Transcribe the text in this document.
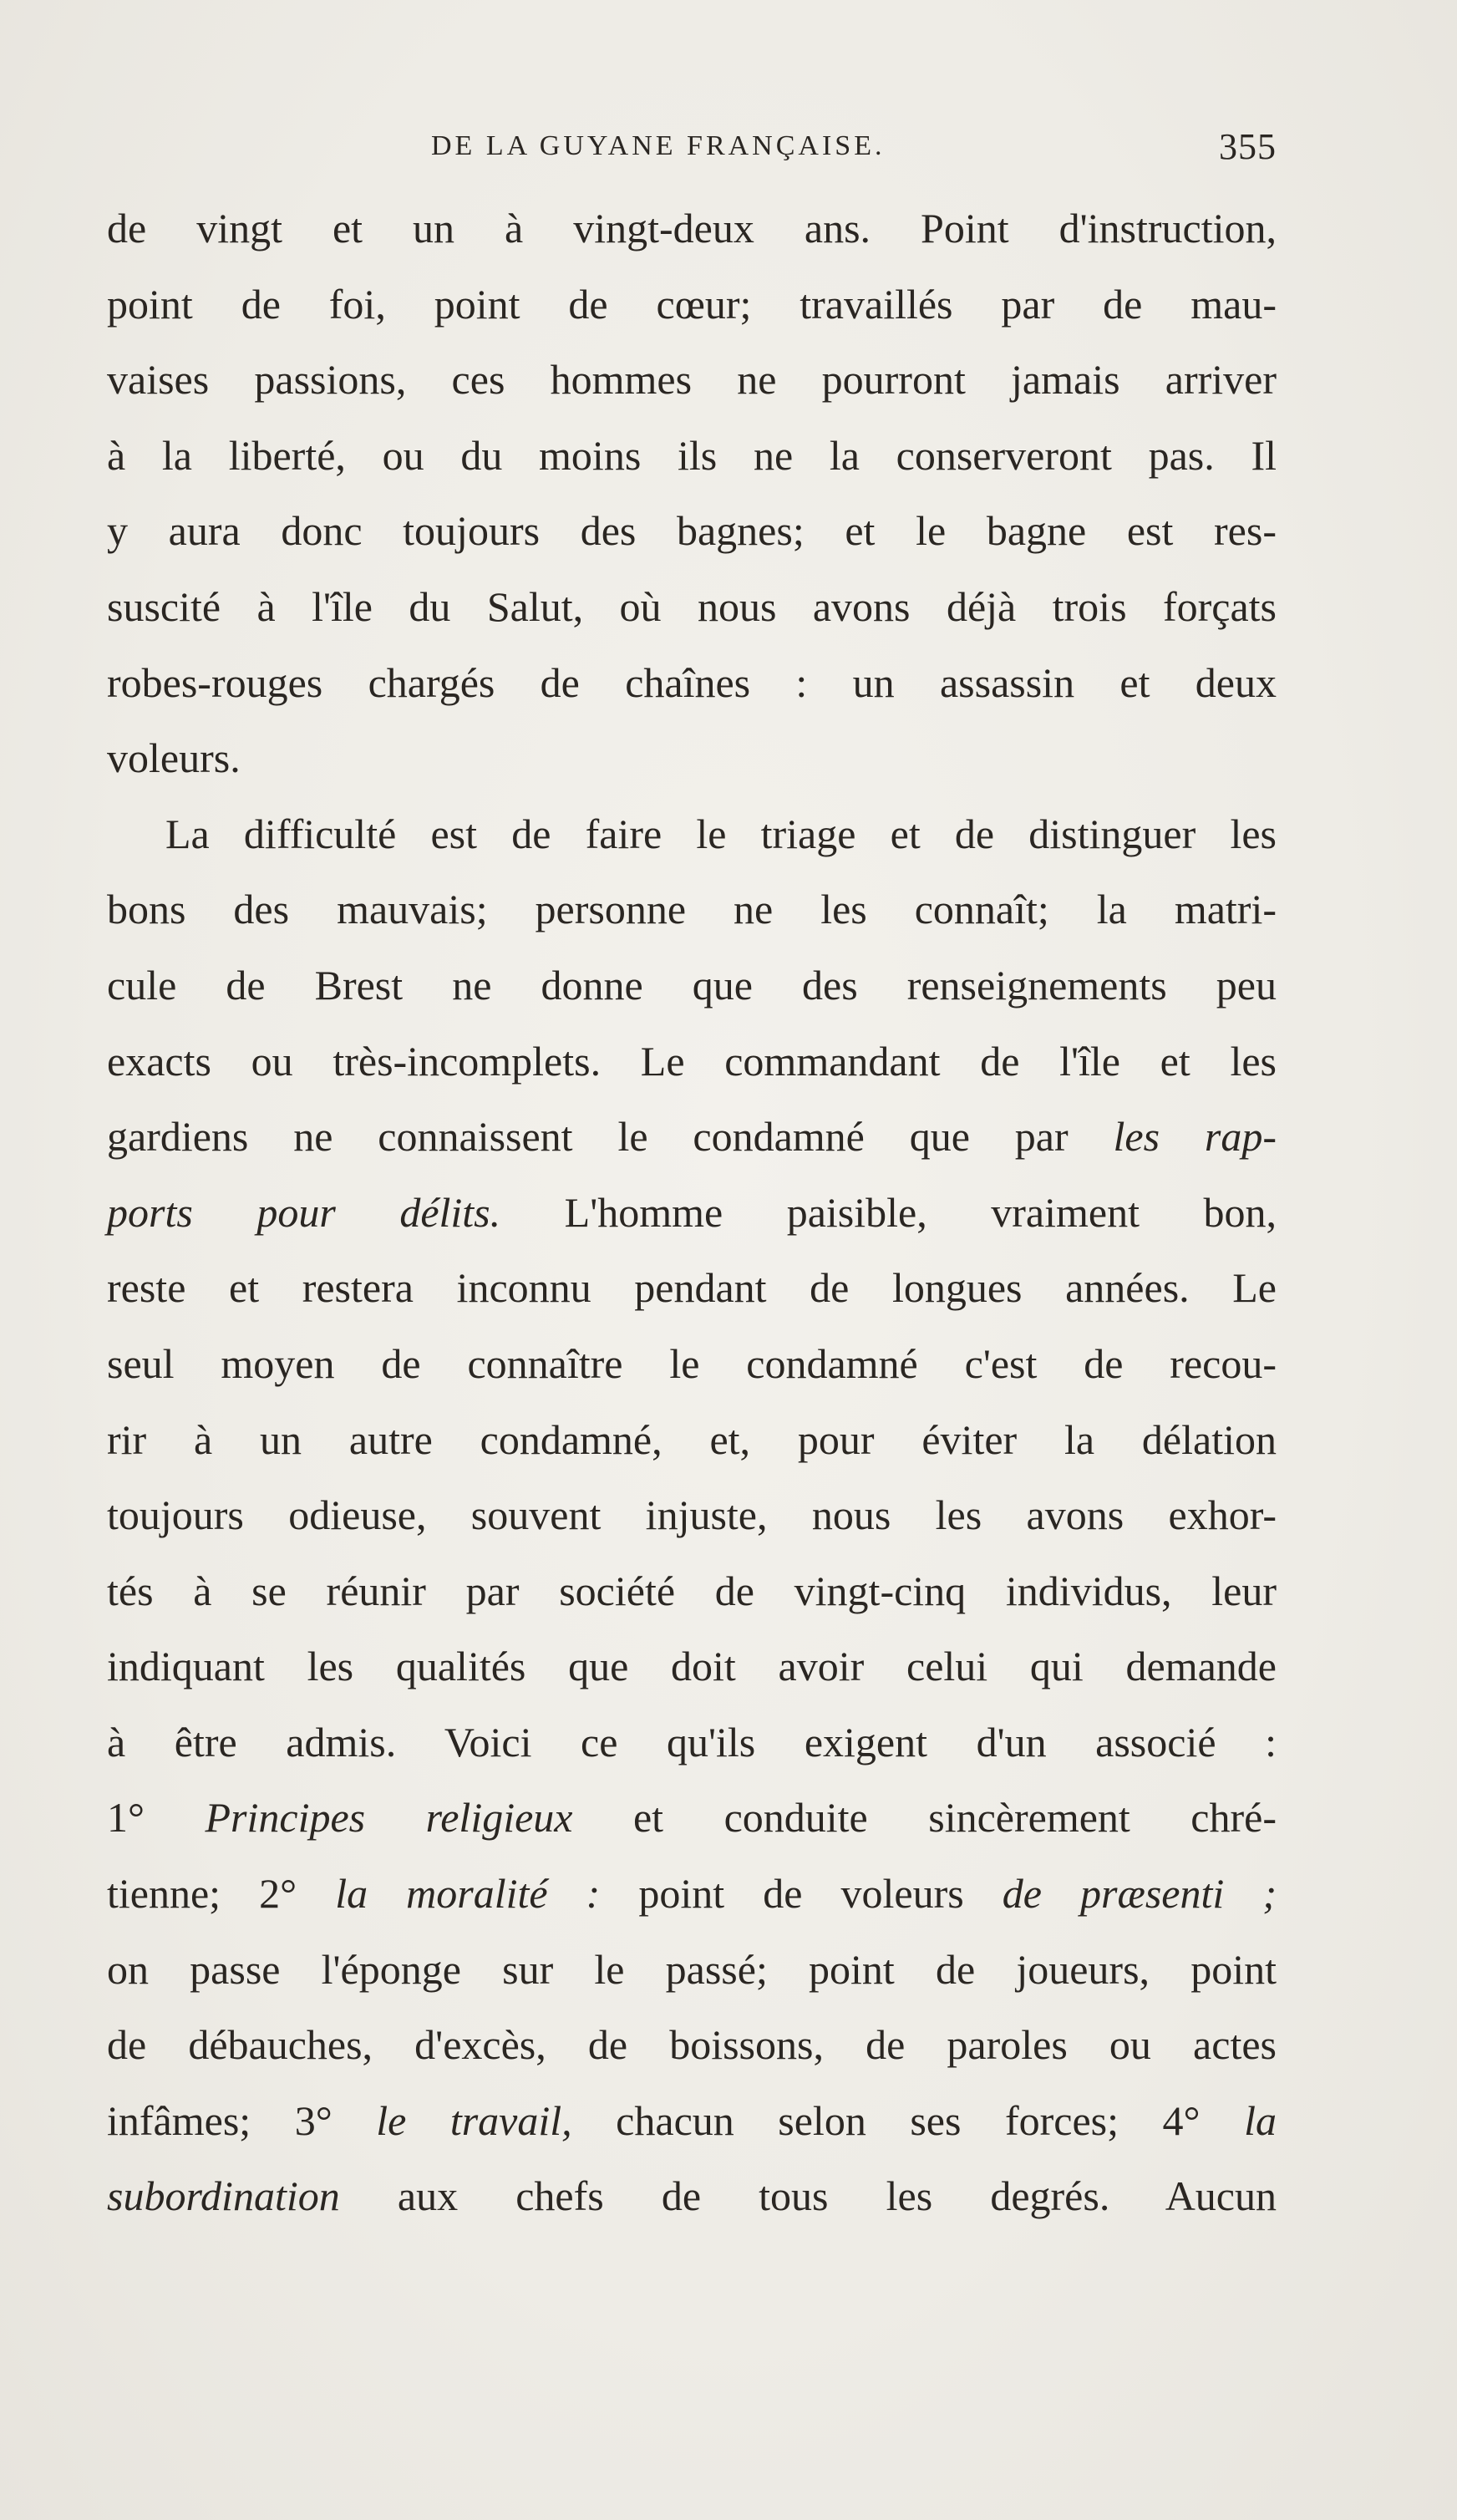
DE LA GUYANE FRANÇAISE.	355
de vingt et un à vingt-deux ans. Point d'instruction,
point de foi, point de cœur; travaillés par de mau-
vaises passions, ces hommes ne pourront jamais arriver
à la liberté, ou du moins ils ne la conserveront pas. Il
y aura donc toujours des bagnes; et le bagne est res-
suscité à l'île du Salut, où nous avons déjà trois forçats
robes-rouges chargés de chaînes : un assassin et deux
voleurs.
La difficulté est de faire le triage et de distinguer les
bons des mauvais; personne ne les connaît; la matri-
cule de Brest ne donne que des renseignements peu
exacts ou très-incomplets. Le commandant de l'île et les
gardiens ne connaissent le condamné que par les rap-
ports pour délits. L'homme paisible, vraiment bon,
reste et restera inconnu pendant de longues années. Le
seul moyen de connaître le condamné c'est de recou-
rir à un autre condamné, et, pour éviter la délation
toujours odieuse, souvent injuste, nous les avons exhor-
tés à se réunir par société de vingt-cinq individus, leur
indiquant les qualités que doit avoir celui qui demande
à être admis. Voici ce qu'ils exigent d'un associé :
1° Principes religieux et conduite sincèrement chré-
tienne; 2° la moralité : point de voleurs de præsenti ;
on passe l'éponge sur le passé; point de joueurs, point
de débauches, d'excès, de boissons, de paroles ou actes
infâmes; 3° le travail, chacun selon ses forces; 4° la
subordination aux chefs de tous les degrés. Aucun
